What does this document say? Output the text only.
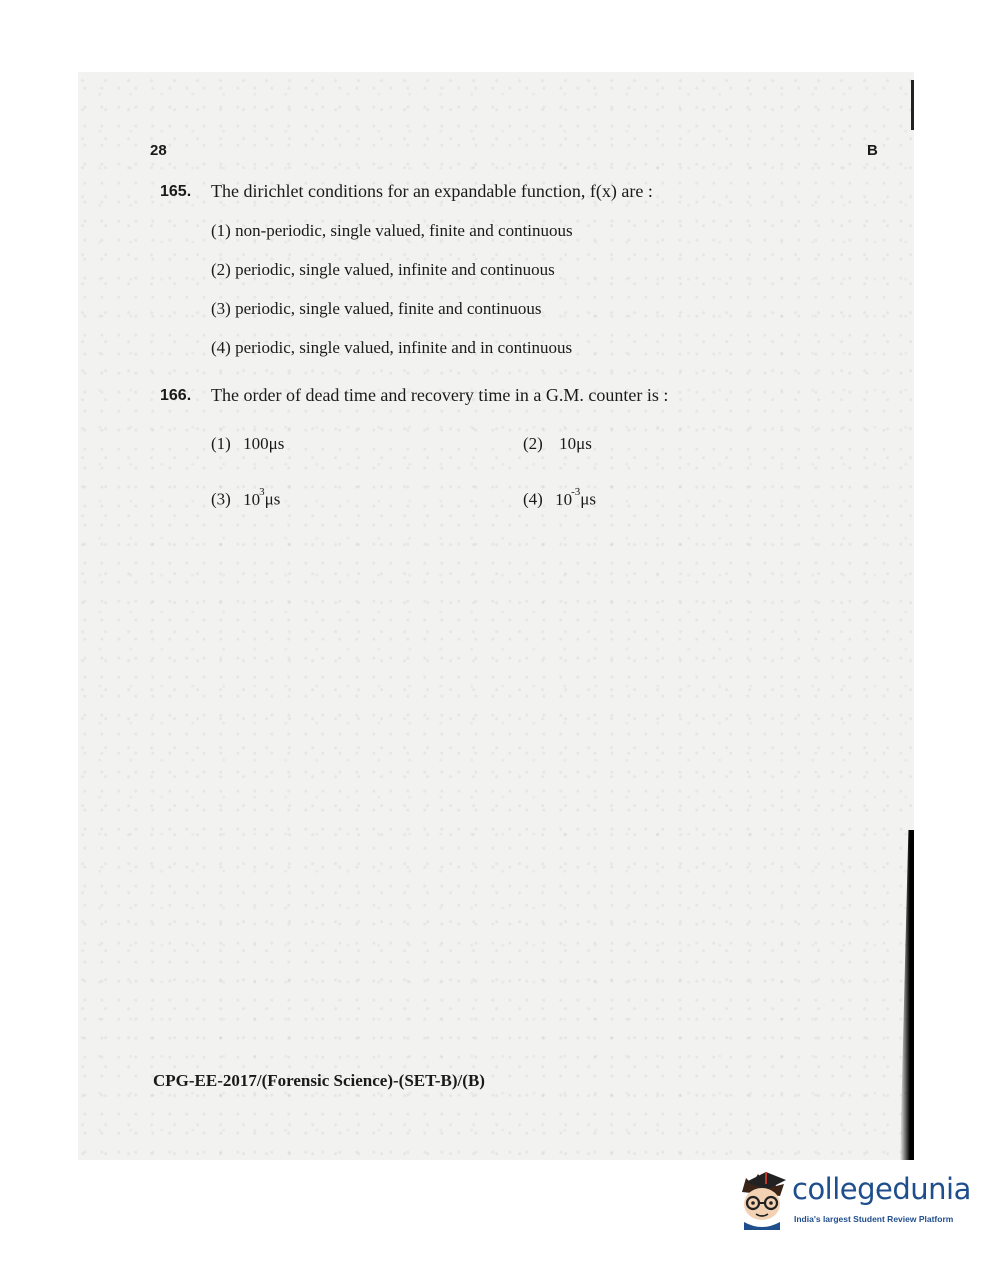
28	B
165. The dirichlet conditions for an expandable function, f(x) are :
(1) non-periodic, single valued, finite and continuous
(2) periodic, single valued, infinite and continuous
(3) periodic, single valued, finite and continuous
(4) periodic, single valued, infinite and in continuous
166. The order of dead time and recovery time in a G.M. counter is :
(1) 100μs	(2) 10μs
(3) $10^3\mu s$	(4) $10^{-3}\mu s$
CPG-EE-2017/(Forensic Science)-(SET-B)/(B)
collegedunia
India's largest Student Review Platform
